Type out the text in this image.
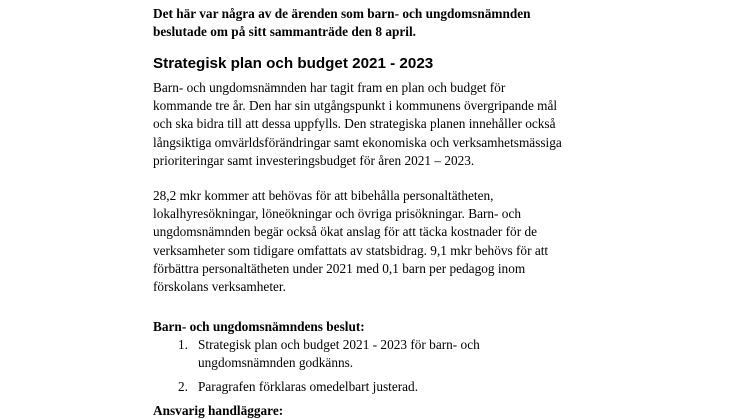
Det här var några av de ärenden som barn- och ungdomsnämnden
beslutade om på sitt sammanträde den 8 april.

Strategisk plan och budget 2021 - 2023

Barn- och ungdomsnämnden har tagit fram en plan och budget för
kommande tre år. Den har sin utgångspunkt i kommunens övergripande mål
och ska bidra till att dessa uppfylls. Den strategiska planen innehåller också
långsiktiga omvärldsförändringar samt ekonomiska och verksamhetsmässiga
prioriteringar samt investeringsbudget för åren 2021 – 2023.

28,2 mkr kommer att behövas för att bibehålla personaltätheten,
lokalhyresökningar, löneökningar och övriga prisökningar. Barn- och
ungdomsnämnden begär också ökat anslag för att täcka kostnader för de
verksamheter som tidigare omfattats av statsbidrag. 9,1 mkr behövs för att
förbättra personaltätheten under 2021 med 0,1 barn per pedagog inom
förskolans verksamheter.

Barn- och ungdomsnämndens beslut:

1. Strategisk plan och budget 2021 - 2023 för barn- och
ungdomsnämnden godkänns.
2. Paragrafen förklaras omedelbart justerad.

Ansvarig handläggare:
